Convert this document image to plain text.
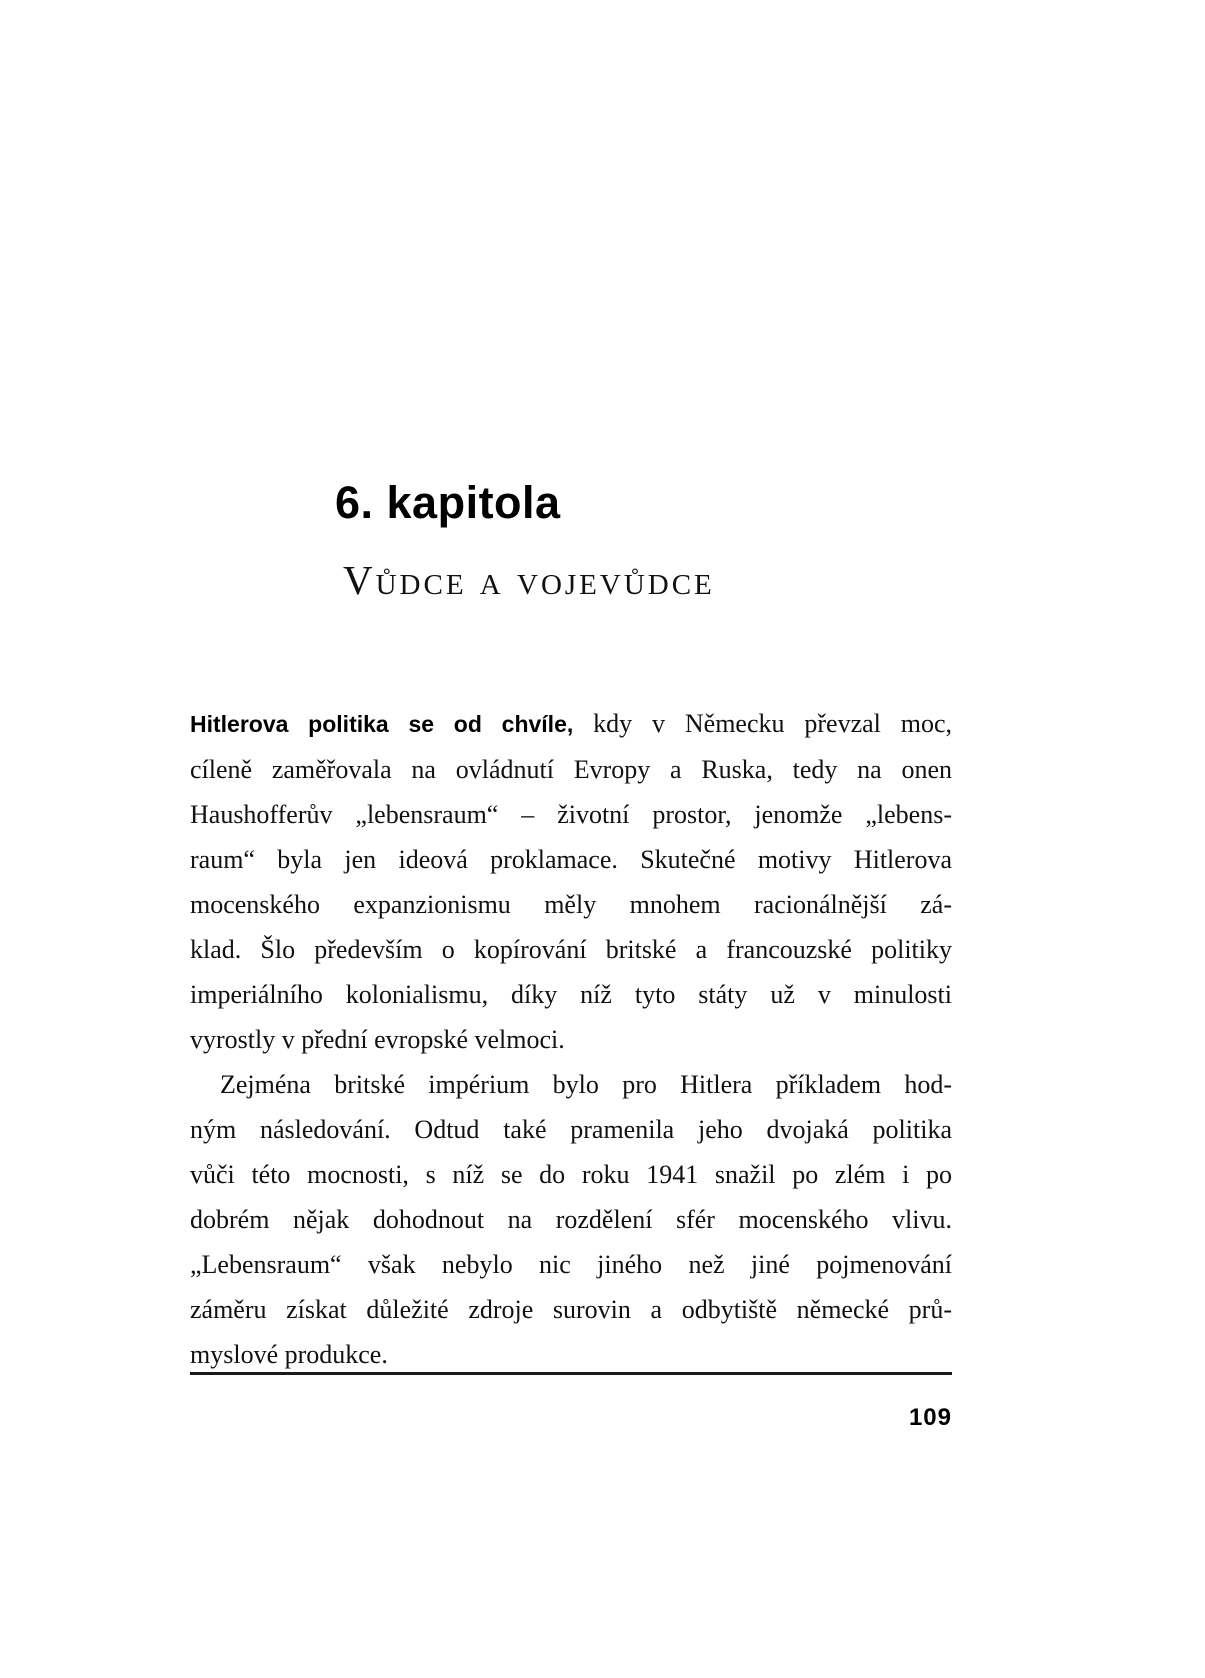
6. kapitola
Vůdce a vojevůdce
Hitlerova politika se od chvíle, kdy v Německu převzal moc,
cíleně zaměřovala na ovládnutí Evropy a Ruska, tedy na onen
Haushofferův „lebensraum“ – životní prostor, jenomže „lebens-
raum“ byla jen ideová proklamace. Skutečné motivy Hitlerova
mocenského expanzionismu měly mnohem racionálnější zá-
klad. Šlo především o kopírování britské a francouzské politiky
imperiálního kolonialismu, díky níž tyto státy už v minulosti
vyrostly v přední evropské velmoci.
Zejména britské impérium bylo pro Hitlera příkladem hod-
ným následování. Odtud také pramenila jeho dvojaká politika
vůči této mocnosti, s níž se do roku 1941 snažil po zlém i po
dobrém nějak dohodnout na rozdělení sfér mocenského vlivu.
„Lebensraum“ však nebylo nic jiného než jiné pojmenování
záměru získat důležité zdroje surovin a odbytiště německé prů-
myslové produkce.
109
